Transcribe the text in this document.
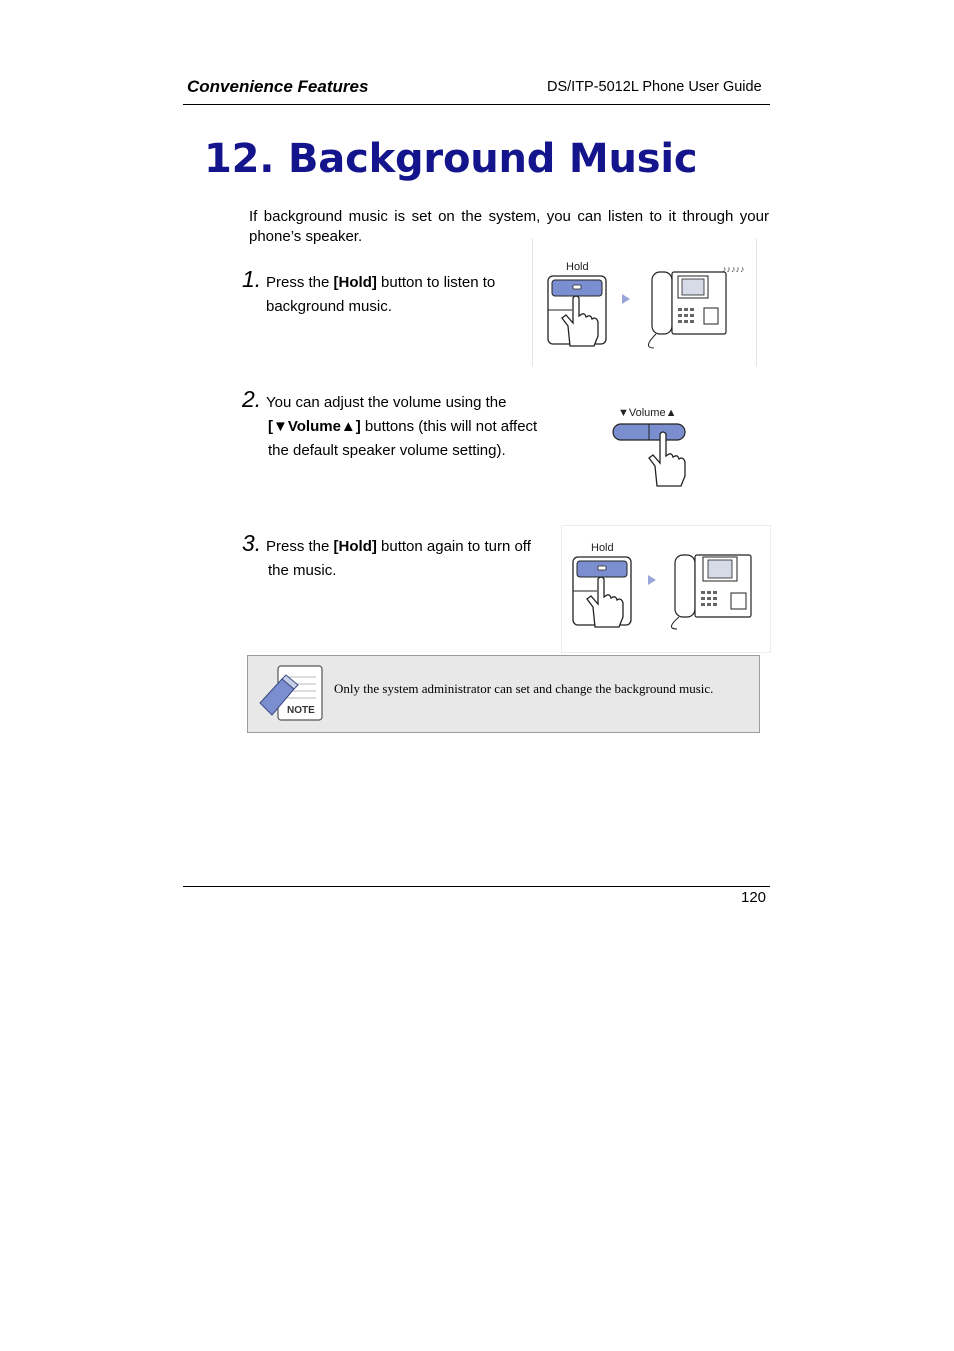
Convenience Features	DS/ITP-5012L Phone User Guide
12. Background Music
If background music is set on the system, you can listen to it through your phone’s speaker.
1. Press the [Hold] button to listen to
background music.
Hold	♪♪♪♪♪
2. You can adjust the volume using the
[▼Volume▲] buttons (this will not affect
the default speaker volume setting).
▼Volume▲
3. Press the [Hold] button again to turn off
the music.
Hold
NOTE
Only the system administrator can set and change the background music.
120
